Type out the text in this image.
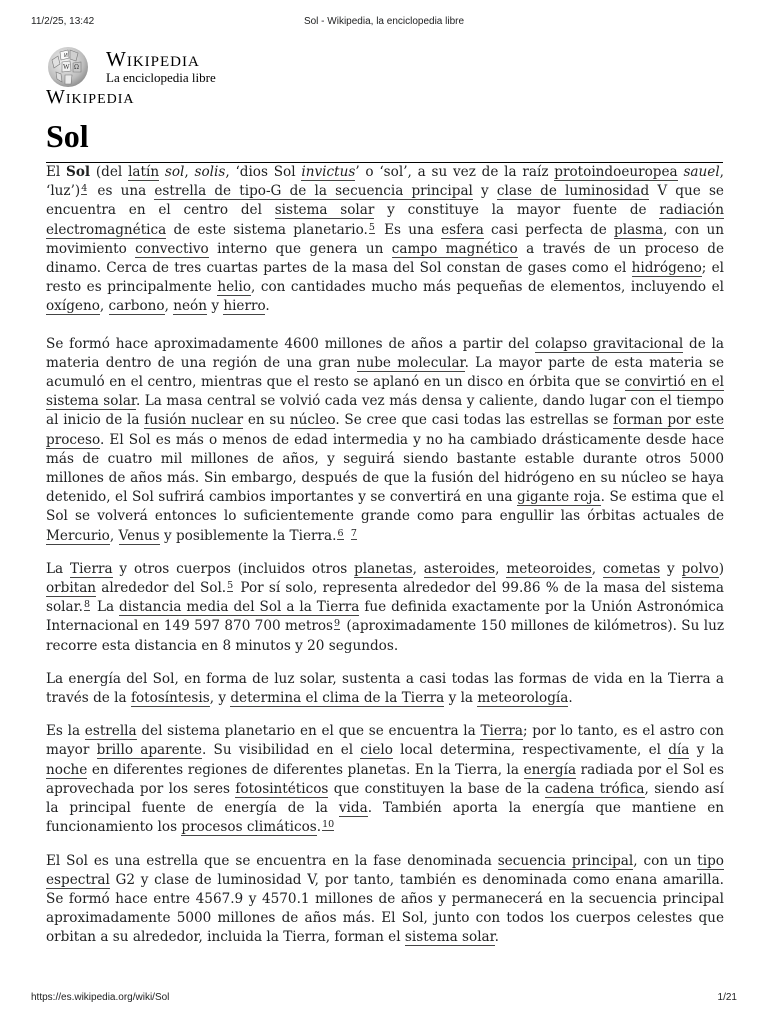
11/2/25, 13:42	Sol - Wikipedia, la enciclopedia libre
W Ω
И Wikipedia
La enciclopedia libre
Wikipedia
Sol

El Sol (del latín sol, solis, ‘dios Sol invictus’ o ‘sol’, a su vez de la raíz protoindoeuropea sauel, ‘luz’)$^4$ es una estrella de tipo-G de la secuencia principal y clase de luminosidad V que se encuentra en el centro del sistema solar y constituye la mayor fuente de radiación electromagnética de este sistema planetario.$^5$ Es una esfera casi perfecta de plasma, con un movimiento convectivo interno que genera un campo magnético a través de un proceso de dinamo. Cerca de tres cuartas partes de la masa del Sol constan de gases como el hidrógeno; el resto es principalmente helio, con cantidades mucho más pequeñas de elementos, incluyendo el oxígeno, carbono, neón y hierro.

Se formó hace aproximadamente 4600 millones de años a partir del colapso gravitacional de la materia dentro de una región de una gran nube molecular. La mayor parte de esta materia se acumuló en el centro, mientras que el resto se aplanó en un disco en órbita que se convirtió en el sistema solar. La masa central se volvió cada vez más densa y caliente, dando lugar con el tiempo al inicio de la fusión nuclear en su núcleo. Se cree que casi todas las estrellas se forman por este proceso. El Sol es más o menos de edad intermedia y no ha cambiado drásticamente desde hace más de cuatro mil millones de años, y seguirá siendo bastante estable durante otros 5000 millones de años más. Sin embargo, después de que la fusión del hidrógeno en su núcleo se haya detenido, el Sol sufrirá cambios importantes y se convertirá en una gigante roja. Se estima que el Sol se volverá entonces lo suficientemente grande como para engullir las órbitas actuales de Mercurio, Venus y posiblemente la Tierra.$^6$ $^7$

La Tierra y otros cuerpos (incluidos otros planetas, asteroides, meteoroides, cometas y polvo) orbitan alrededor del Sol.$^5$ Por sí solo, representa alrededor del 99.86 % de la masa del sistema solar.$^8$ La distancia media del Sol a la Tierra fue definida exactamente por la Unión Astronómica Internacional en 149 597 870 700 metros$^9$ (aproximadamente 150 millones de kilómetros). Su luz recorre esta distancia en 8 minutos y 20 segundos.

La energía del Sol, en forma de luz solar, sustenta a casi todas las formas de vida en la Tierra a través de la fotosíntesis, y determina el clima de la Tierra y la meteorología.

Es la estrella del sistema planetario en el que se encuentra la Tierra; por lo tanto, es el astro con mayor brillo aparente. Su visibilidad en el cielo local determina, respectivamente, el día y la noche en diferentes regiones de diferentes planetas. En la Tierra, la energía radiada por el Sol es aprovechada por los seres fotosintéticos que constituyen la base de la cadena trófica, siendo así la principal fuente de energía de la vida. También aporta la energía que mantiene en funcionamiento los procesos climáticos.$^{10}$

El Sol es una estrella que se encuentra en la fase denominada secuencia principal, con un tipo espectral G2 y clase de luminosidad V, por tanto, también es denominada como enana amarilla. Se formó hace entre 4567.9 y 4570.1 millones de años y permanecerá en la secuencia principal aproximadamente 5000 millones de años más. El Sol, junto con todos los cuerpos celestes que orbitan a su alrededor, incluida la Tierra, forman el sistema solar.

https://es.wikipedia.org/wiki/Sol	1/21
